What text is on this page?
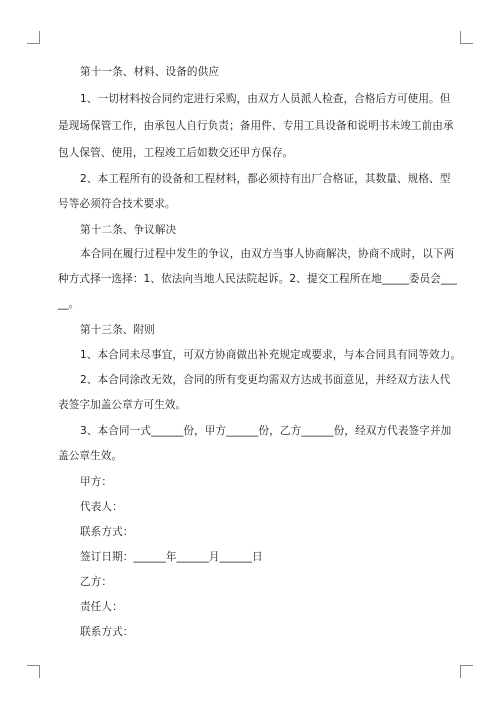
第十一条、材料、设备的供应
1、一切材料按合同约定进行采购，由双方人员派人检查，合格后方可使用。但
是现场保管工作，由承包人自行负责；备用件、专用工具设备和说明书未竣工前由承
包人保管、使用，工程竣工后如数交还甲方保存。
2、本工程所有的设备和工程材料，都必须持有出厂合格证，其数量、规格、型
号等必须符合技术要求。
第十二条、争议解决
本合同在履行过程中发生的争议，由双方当事人协商解决，协商不成时，以下两
种方式择一选择：1、依法向当地人民法院起诉。2、提交工程所在地_____委员会___
__。
第十三条、附则
1、本合同未尽事宜，可双方协商做出补充规定或要求，与本合同具有同等效力。
2、本合同涂改无效，合同的所有变更均需双方达成书面意见，并经双方法人代
表签字加盖公章方可生效。
3、本合同一式______份，甲方______份，乙方______份，经双方代表签字并加
盖公章生效。
甲方：
代表人：
联系方式：
签订日期：______年______月______日
乙方：
责任人：
联系方式：
